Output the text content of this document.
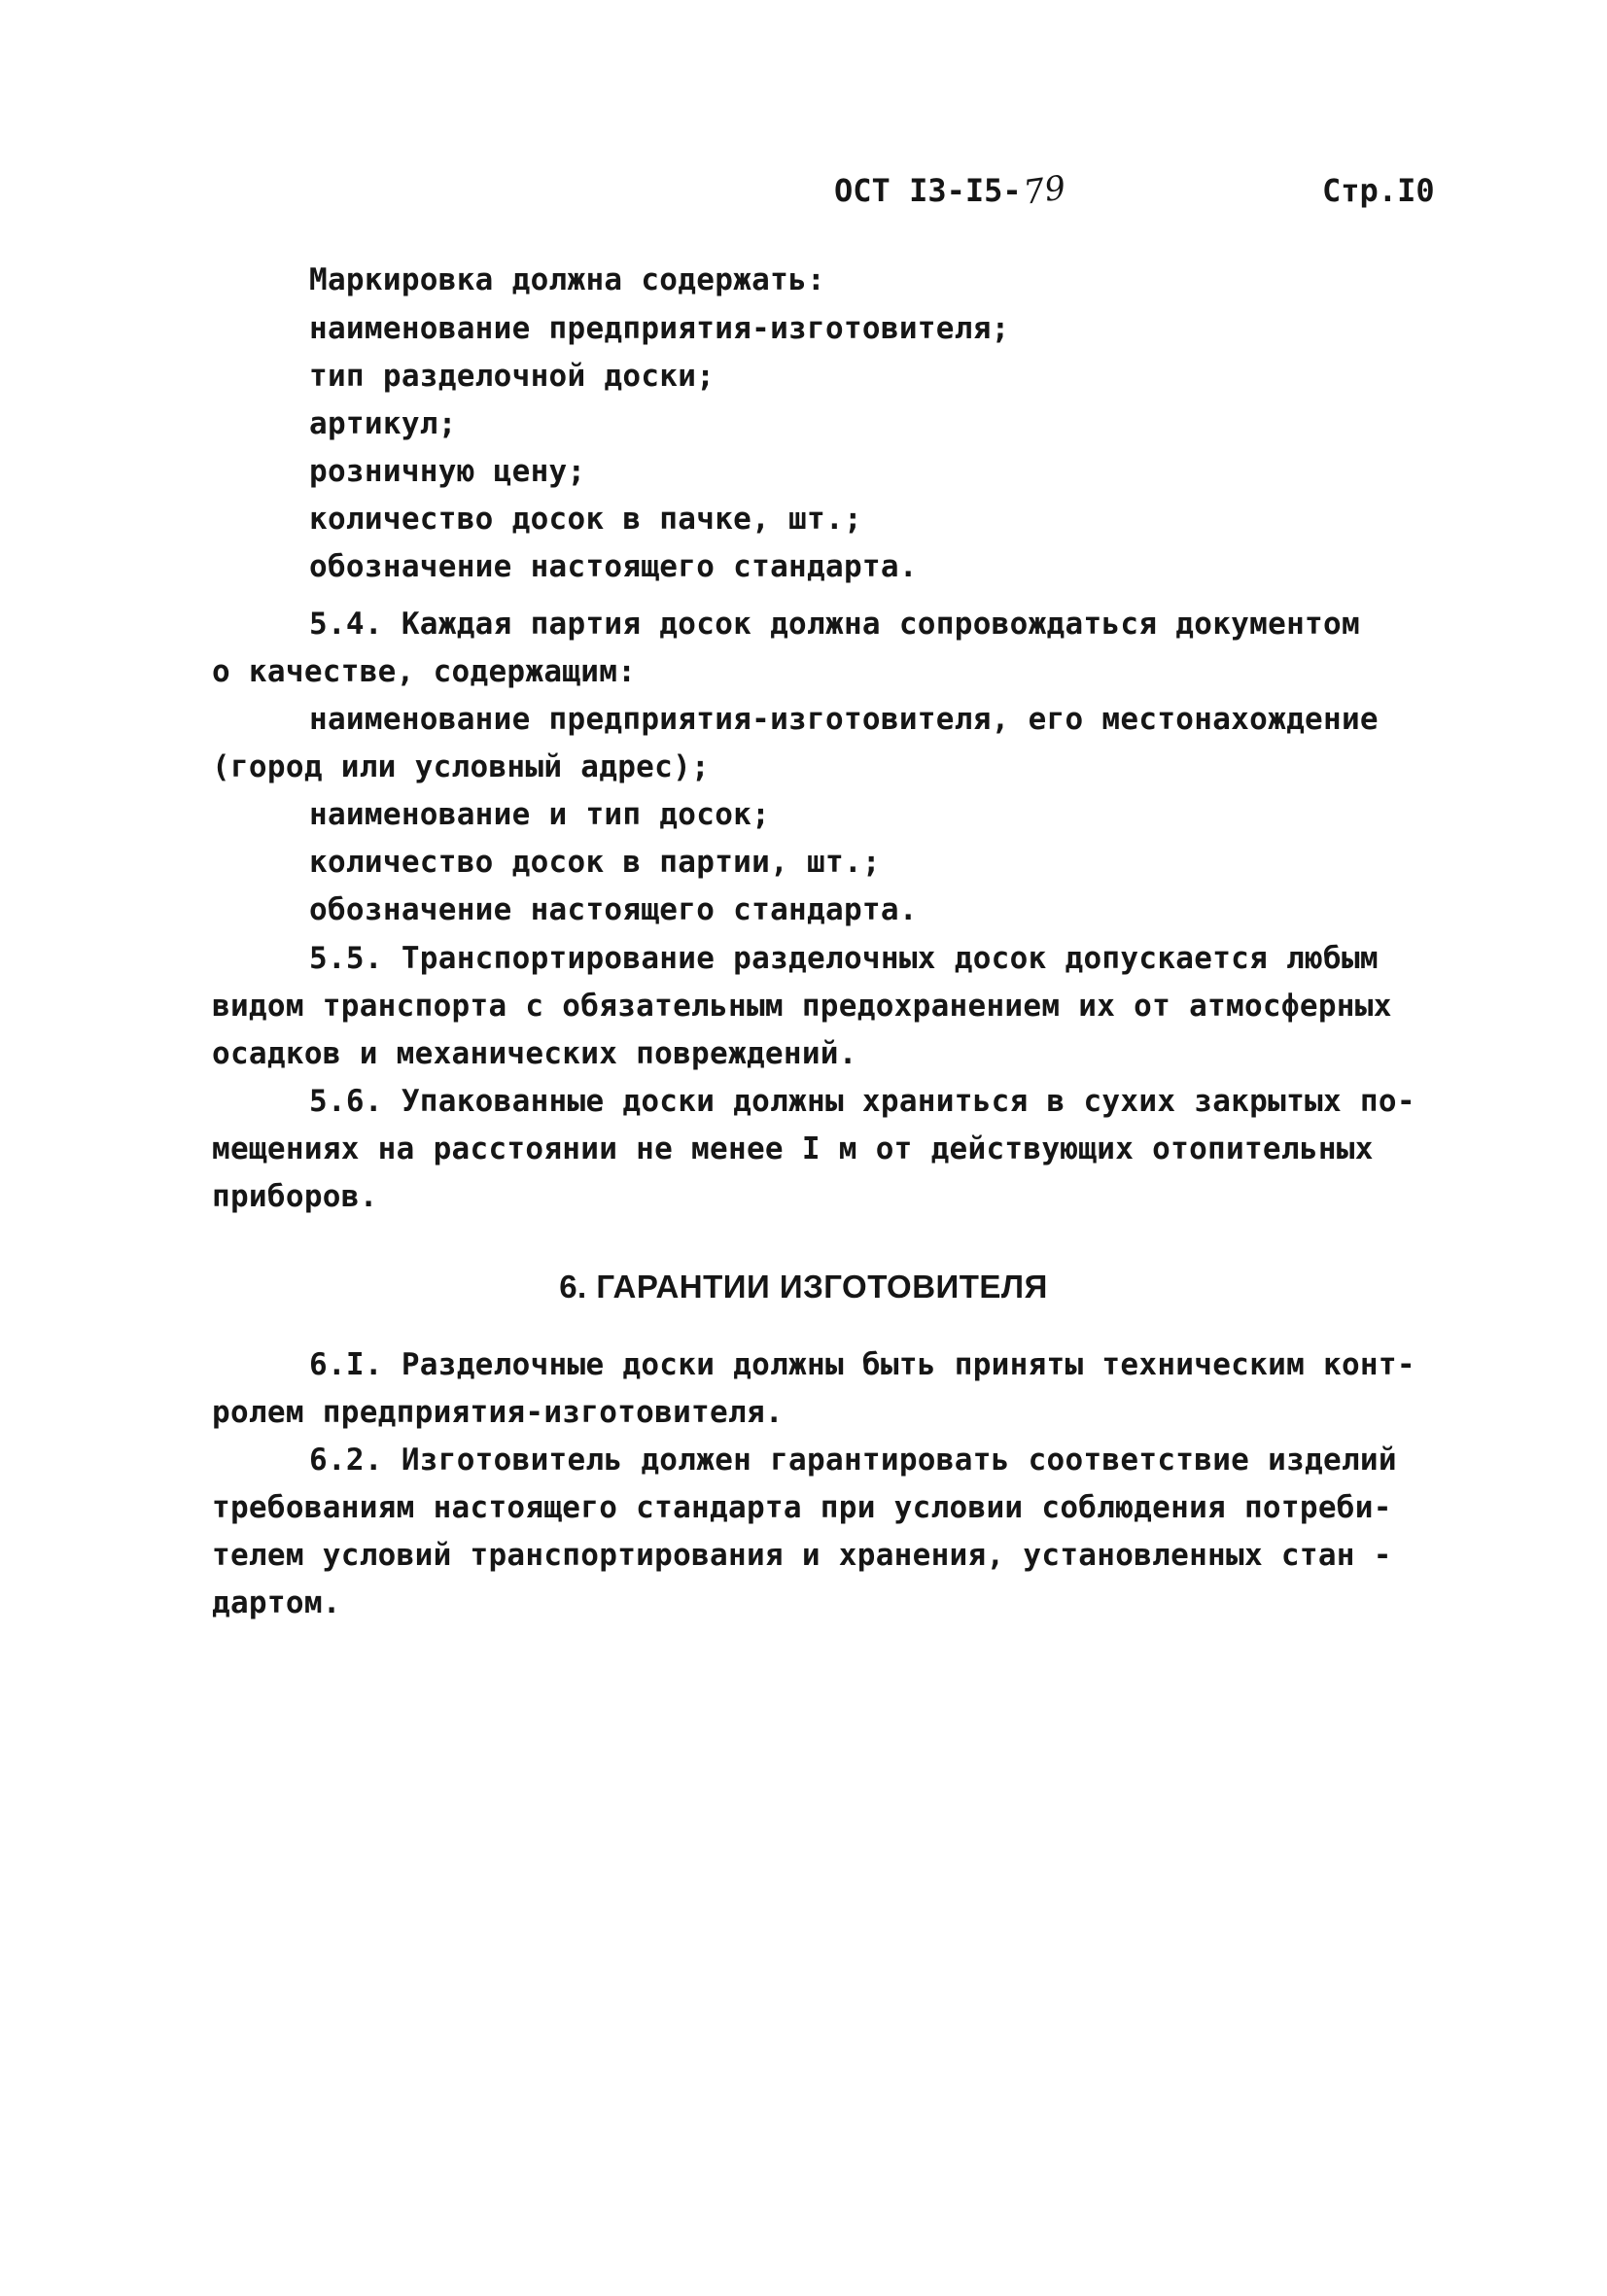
ОСТ I3-I5-79	Стр.I0
Маркировка должна содержать:
наименование предприятия-изготовителя;
тип разделочной доски;
артикул;
розничную цену;
количество досок в пачке, шт.;
обозначение настоящего стандарта.
5.4. Каждая партия досок должна сопровождаться документом
о качестве, содержащим:
наименование предприятия-изготовителя, его местонахождение
(город или условный адрес);
наименование и тип досок;
количество досок в партии, шт.;
обозначение настоящего стандарта.
5.5. Транспортирование разделочных досок допускается любым
видом транспорта с обязательным предохранением их от атмосферных
осадков и механических повреждений.
5.6. Упакованные доски должны храниться в сухих закрытых по-
мещениях на расстоянии не менее I м от действующих отопительных
приборов.
6. ГАРАНТИИ ИЗГОТОВИТЕЛЯ
6.I. Разделочные доски должны быть приняты техническим конт-
ролем предприятия-изготовителя.
6.2. Изготовитель должен гарантировать соответствие изделий
требованиям настоящего стандарта при условии соблюдения потреби-
телем условий транспортирования и хранения, установленных стан -
дартом.
